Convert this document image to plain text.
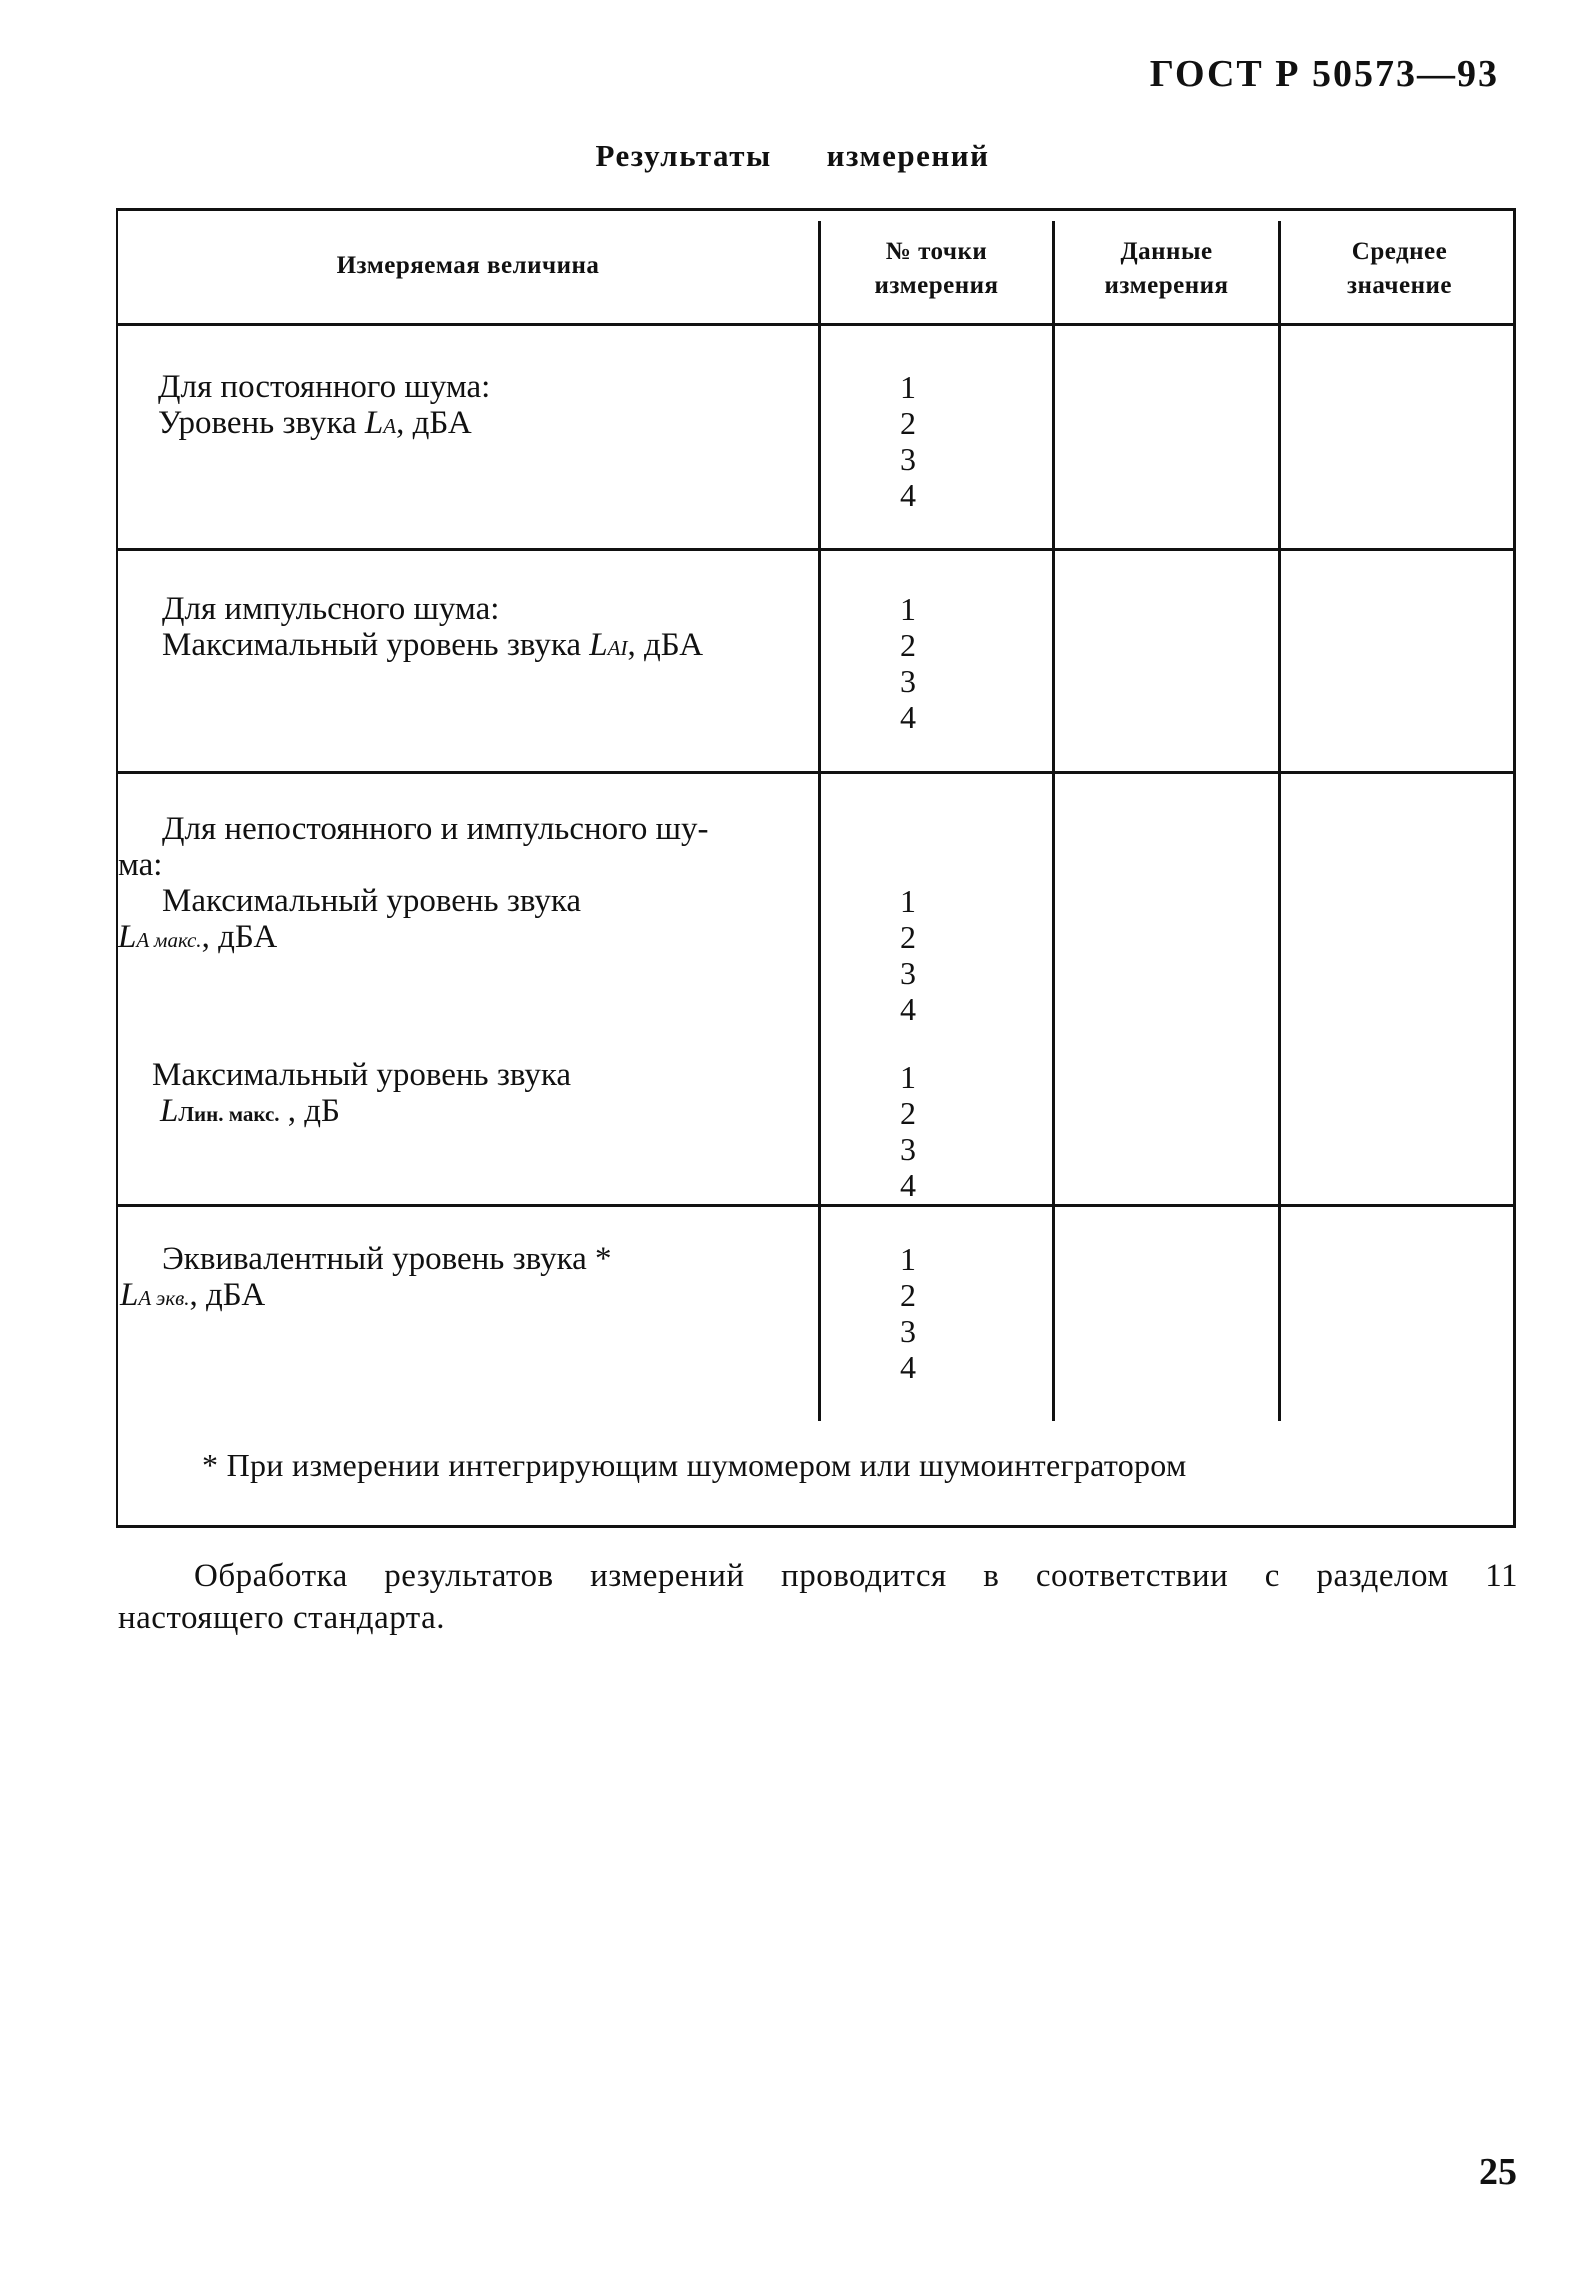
ГОСТ Р 50573—93
Результаты измерений
Измеряемая величина
№ точки
измерения
Данные
измерения
Среднее
значение
Для постоянного шума:
Уровень звука LA, дБА
1
2
3
4
Для импульсного шума:
Максимальный уровень звука LAI, дБА
1
2
3
4
Для непостоянного и импульсного шу-
ма:
Максимальный уровень звука
LA макс., дБА
1
2
3
4
Максимальный уровень звука
LЛин. макс. , дБ
1
2
3
4
Эквивалентный уровень звука *
LA экв., дБА
1
2
3
4
* При измерении интегрирующим шумомером или шумоинтегратором
Обработка результатов измерений проводится в соответствии с разделом 11
настоящего стандарта.
25
